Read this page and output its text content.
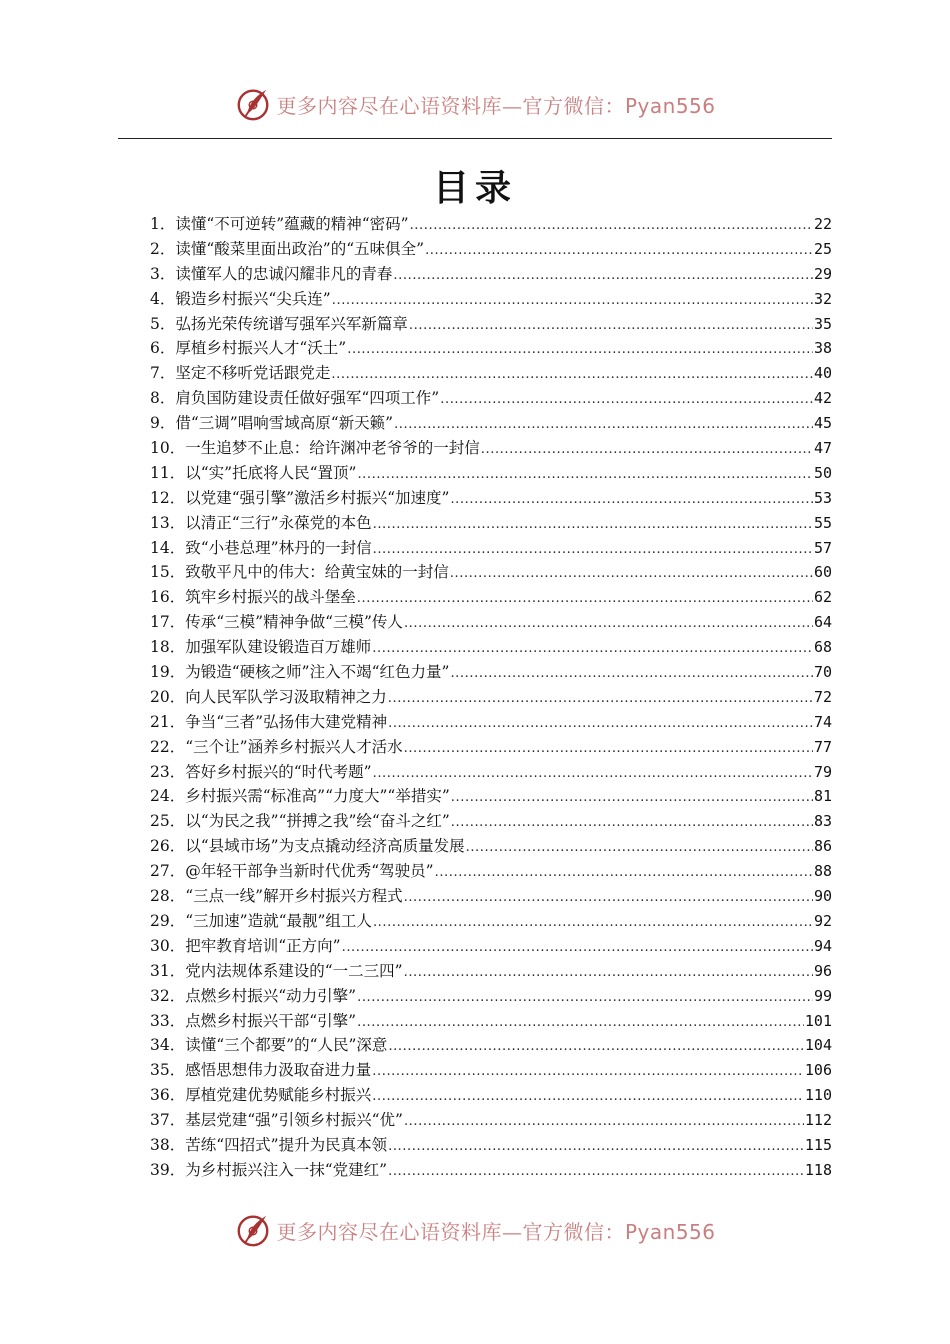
更多内容尽在心语资料库—官方微信：Pyan556
目录
1． 读懂“不可逆转”蕴藏的精神“密码” .....	22
2． 读懂“酸菜里面出政治”的“五味俱全” .....	25
3． 读懂军人的忠诚闪耀非凡的青春 .....	29
4． 锻造乡村振兴“尖兵连” .....	32
5． 弘扬光荣传统谱写强军兴军新篇章 .....	35
6． 厚植乡村振兴人才“沃土” .....	38
7． 坚定不移听党话跟党走 .....	40
8． 肩负国防建设责任做好强军“四项工作” .....	42
9． 借“三调”唱响雪域高原“新天籁” .....	45
10． 一生追梦不止息：给许渊冲老爷爷的一封信 .....	47
11． 以“实”托底将人民“置顶” .....	50
12． 以党建“强引擎”激活乡村振兴“加速度” .....	53
13． 以清正“三行”永葆党的本色 .....	55
14． 致“小巷总理”林丹的一封信 .....	57
15． 致敬平凡中的伟大：给黄宝妹的一封信 .....	60
16． 筑牢乡村振兴的战斗堡垒 .....	62
17． 传承“三模”精神争做“三模”传人 .....	64
18． 加强军队建设锻造百万雄师 .....	68
19． 为锻造“硬核之师”注入不竭“红色力量” .....	70
20． 向人民军队学习汲取精神之力 .....	72
21． 争当“三者”弘扬伟大建党精神 .....	74
22． “三个让”涵养乡村振兴人才活水 .....	77
23． 答好乡村振兴的“时代考题” .....	79
24． 乡村振兴需“标准高”“力度大”“举措实” .....	81
25． 以“为民之我”“拼搏之我”绘“奋斗之红” .....	83
26． 以“县域市场”为支点撬动经济高质量发展 .....	86
27． @年轻干部争当新时代优秀“驾驶员” .....	88
28． “三点一线”解开乡村振兴方程式 .....	90
29． “三加速”造就“最靓”组工人 .....	92
30． 把牢教育培训“正方向” .....	94
31． 党内法规体系建设的“一二三四” .....	96
32． 点燃乡村振兴“动力引擎” .....	99
33． 点燃乡村振兴干部“引擎” .....	101
34． 读懂“三个都要”的“人民”深意 .....	104
35． 感悟思想伟力汲取奋进力量 .....	106
36． 厚植党建优势赋能乡村振兴 .....	110
37． 基层党建“强”引领乡村振兴“优” .....	112
38． 苦练“四招式”提升为民真本领 .....	115
39． 为乡村振兴注入一抹“党建红” .....	118
更多内容尽在心语资料库—官方微信：Pyan556
